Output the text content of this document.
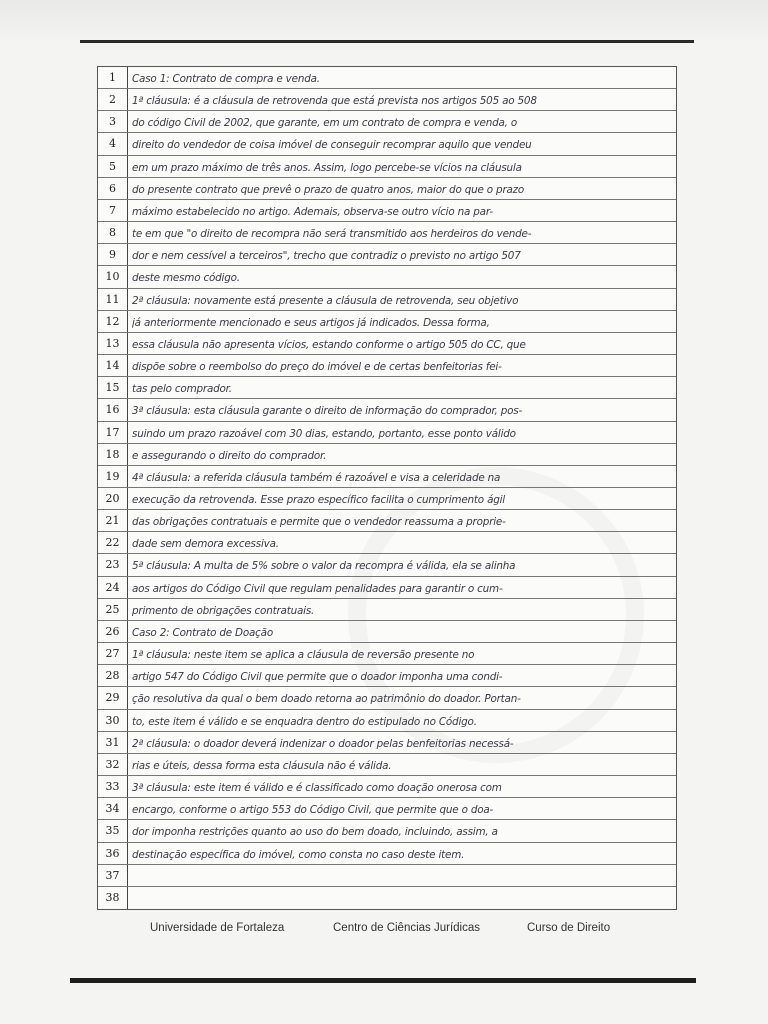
1	Caso 1: Contrato de compra e venda.
2	1ª cláusula: é a cláusula de retrovenda que está prevista nos artigos 505 ao 508
3	do código Civil de 2002, que garante, em um contrato de compra e venda, o
4	direito do vendedor de coisa imóvel de conseguir recomprar aquilo que vendeu
5	em um prazo máximo de três anos. Assim, logo percebe-se vícios na cláusula
6	do presente contrato que prevê o prazo de quatro anos, maior do que o prazo
7	máximo estabelecido no artigo. Ademais, observa-se outro vício na par-
8	te em que "o direito de recompra não será transmitido aos herdeiros do vende-
9	dor e nem cessível a terceiros", trecho que contradiz o previsto no artigo 507
10	deste mesmo código.
11	2ª cláusula: novamente está presente a cláusula de retrovenda, seu objetivo
12	já anteriormente mencionado e seus artigos já indicados. Dessa forma,
13	essa cláusula não apresenta vícios, estando conforme o artigo 505 do CC, que
14	dispõe sobre o reembolso do preço do imóvel e de certas benfeitorias fei-
15	tas pelo comprador.
16	3ª cláusula: esta cláusula garante o direito de informação do comprador, pos-
17	suindo um prazo razoável com 30 dias, estando, portanto, esse ponto válido
18	e assegurando o direito do comprador.
19	4ª cláusula: a referida cláusula também é razoável e visa a celeridade na
20	execução da retrovenda. Esse prazo específico facilita o cumprimento ágil
21	das obrigações contratuais e permite que o vendedor reassuma a proprie-
22	dade sem demora excessiva.
23	5ª cláusula: A multa de 5% sobre o valor da recompra é válida, ela se alinha
24	aos artigos do Código Civil que regulam penalidades para garantir o cum-
25	primento de obrigações contratuais.
26	Caso 2: Contrato de Doação
27	1ª cláusula: neste item se aplica a cláusula de reversão presente no
28	artigo 547 do Código Civil que permite que o doador imponha uma condi-
29	ção resolutiva da qual o bem doado retorna ao patrimônio do doador. Portan-
30	to, este item é válido e se enquadra dentro do estipulado no Código.
31	2ª cláusula: o doador deverá indenizar o doador pelas benfeitorias necessá-
32	rias e úteis, dessa forma esta cláusula não é válida.
33	3ª cláusula: este item é válido e é classificado como doação onerosa com
34	encargo, conforme o artigo 553 do Código Civil, que permite que o doa-
35	dor imponha restrições quanto ao uso do bem doado, incluindo, assim, a
36	destinação específica do imóvel, como consta no caso deste item.
37
38
Universidade de Fortaleza	Centro de Ciências Jurídicas	Curso de Direito
